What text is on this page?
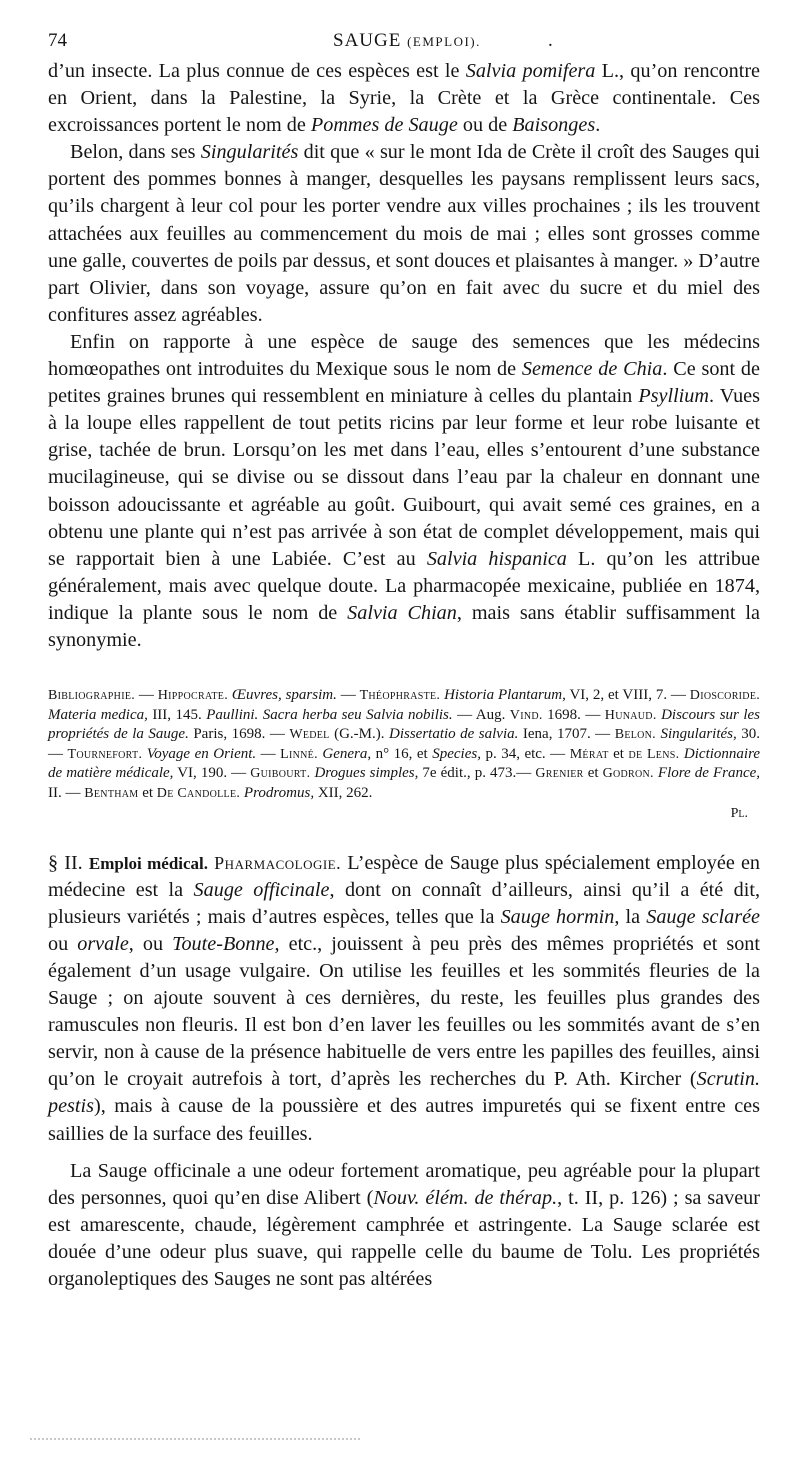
74	SAUGE (EMPLOI).	.

d’un insecte. La plus connue de ces espèces est le Salvia pomifera L., qu’on rencontre en Orient, dans la Palestine, la Syrie, la Crète et la Grèce continentale. Ces excroissances portent le nom de Pommes de Sauge ou de Baisonges.

Belon, dans ses Singularités dit que « sur le mont Ida de Crète il croît des Sauges qui portent des pommes bonnes à manger, desquelles les paysans remplissent leurs sacs, qu’ils chargent à leur col pour les porter vendre aux villes prochaines ; ils les trouvent attachées aux feuilles au commencement du mois de mai ; elles sont grosses comme une galle, couvertes de poils par dessus, et sont douces et plaisantes à manger. » D’autre part Olivier, dans son voyage, assure qu’on en fait avec du sucre et du miel des confitures assez agréables.

Enfin on rapporte à une espèce de sauge des semences que les médecins homœopathes ont introduites du Mexique sous le nom de Semence de Chia. Ce sont de petites graines brunes qui ressemblent en miniature à celles du plantain Psyllium. Vues à la loupe elles rappellent de tout petits ricins par leur forme et leur robe luisante et grise, tachée de brun. Lorsqu’on les met dans l’eau, elles s’entourent d’une substance mucilagineuse, qui se divise ou se dissout dans l’eau par la chaleur en donnant une boisson adoucissante et agréable au goût. Guibourt, qui avait semé ces graines, en a obtenu une plante qui n’est pas arrivée à son état de complet développement, mais qui se rapportait bien à une Labiée. C’est au Salvia hispanica L. qu’on les attribue généralement, mais avec quelque doute. La pharmacopée mexicaine, publiée en 1874, indique la plante sous le nom de Salvia Chian, mais sans établir suffisamment la synonymie.

Bibliographie. — Hippocrate. Œuvres, sparsim. — Théophraste. Historia Plantarum, VI, 2, et VIII, 7. — Dioscoride. Materia medica, III, 145. Paullini. Sacra herba seu Salvia nobilis. — Aug. Vind. 1698. — Hunaud. Discours sur les propriétés de la Sauge. Paris, 1698. — Wedel (G.-M.). Dissertatio de salvia. Iena, 1707. — Belon. Singularités, 30. — Tournefort. Voyage en Orient. — Linné. Genera, n° 16, et Species, p. 34, etc. — Mérat et de Lens. Dictionnaire de matière médicale, VI, 190. — Guibourt. Drogues simples, 7e édit., p. 473.— Grenier et Godron. Flore de France, II. — Bentham et De Candolle. Prodromus, XII, 262.

Pl.

§ II. Emploi médical. Pharmacologie. L’espèce de Sauge plus spécialement employée en médecine est la Sauge officinale, dont on connaît d’ailleurs, ainsi qu’il a été dit, plusieurs variétés ; mais d’autres espèces, telles que la Sauge hormin, la Sauge sclarée ou orvale, ou Toute-Bonne, etc., jouissent à peu près des mêmes propriétés et sont également d’un usage vulgaire. On utilise les feuilles et les sommités fleuries de la Sauge ; on ajoute souvent à ces dernières, du reste, les feuilles plus grandes des ramuscules non fleuris. Il est bon d’en laver les feuilles ou les sommités avant de s’en servir, non à cause de la présence habituelle de vers entre les papilles des feuilles, ainsi qu’on le croyait autrefois à tort, d’après les recherches du P. Ath. Kircher (Scrutin. pestis), mais à cause de la poussière et des autres impuretés qui se fixent entre ces saillies de la surface des feuilles.

La Sauge officinale a une odeur fortement aromatique, peu agréable pour la plupart des personnes, quoi qu’en dise Alibert (Nouv. élém. de thérap., t. II, p. 126) ; sa saveur est amarescente, chaude, légèrement camphrée et astringente. La Sauge sclarée est douée d’une odeur plus suave, qui rappelle celle du baume de Tolu. Les propriétés organoleptiques des Sauges ne sont pas altérées
